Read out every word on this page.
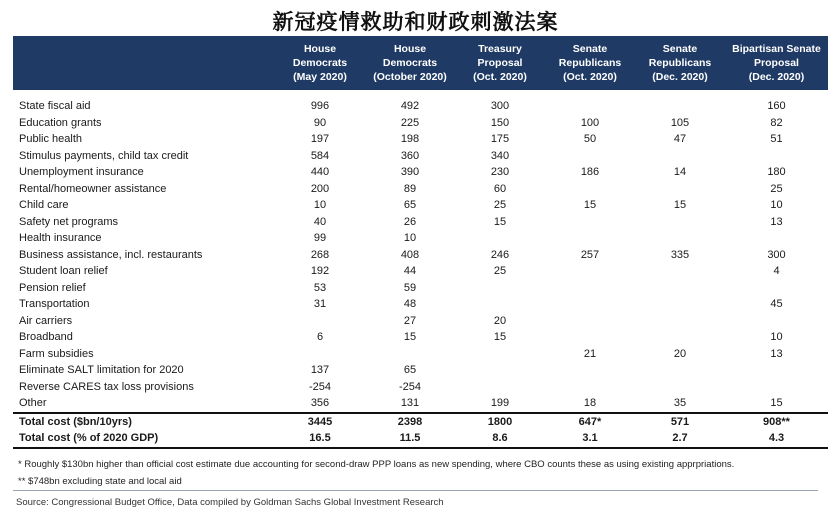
新冠疫情救助和财政刺激法案
	House
Democrats
(May 2020)	House
Democrats
(October 2020)	Treasury
Proposal
(Oct. 2020)	Senate
Republicans
(Oct. 2020)	Senate
Republicans
(Dec. 2020)	Bipartisan Senate
Proposal
(Dec. 2020)
State fiscal aid	996	492	300			160
Education grants	90	225	150	100	105	82
Public health	197	198	175	50	47	51
Stimulus payments, child tax credit	584	360	340			
Unemployment insurance	440	390	230	186	14	180
Rental/homeowner assistance	200	89	60			25
Child care	10	65	25	15	15	10
Safety net programs	40	26	15			13
Health insurance	99	10				
Business assistance, incl. restaurants	268	408	246	257	335	300
Student loan relief	192	44	25			4
Pension relief	53	59				
Transportation	31	48				45
Air carriers		27	20			
Broadband	6	15	15			10
Farm subsidies				21	20	13
Eliminate SALT limitation for 2020	137	65				
Reverse CARES tax loss provisions	-254	-254				
Other	356	131	199	18	35	15
Total cost ($bn/10yrs)	3445	2398	1800	647*	571	908**
Total cost (% of 2020 GDP)	16.5	11.5	8.6	3.1	2.7	4.3
* Roughly $130bn higher than official cost estimate due accounting for second-draw PPP loans as new spending, where CBO counts these as using existing apprpriations.
** $748bn excluding state and local aid
Source: Congressional Budget Office, Data compiled by Goldman Sachs Global Investment Research
